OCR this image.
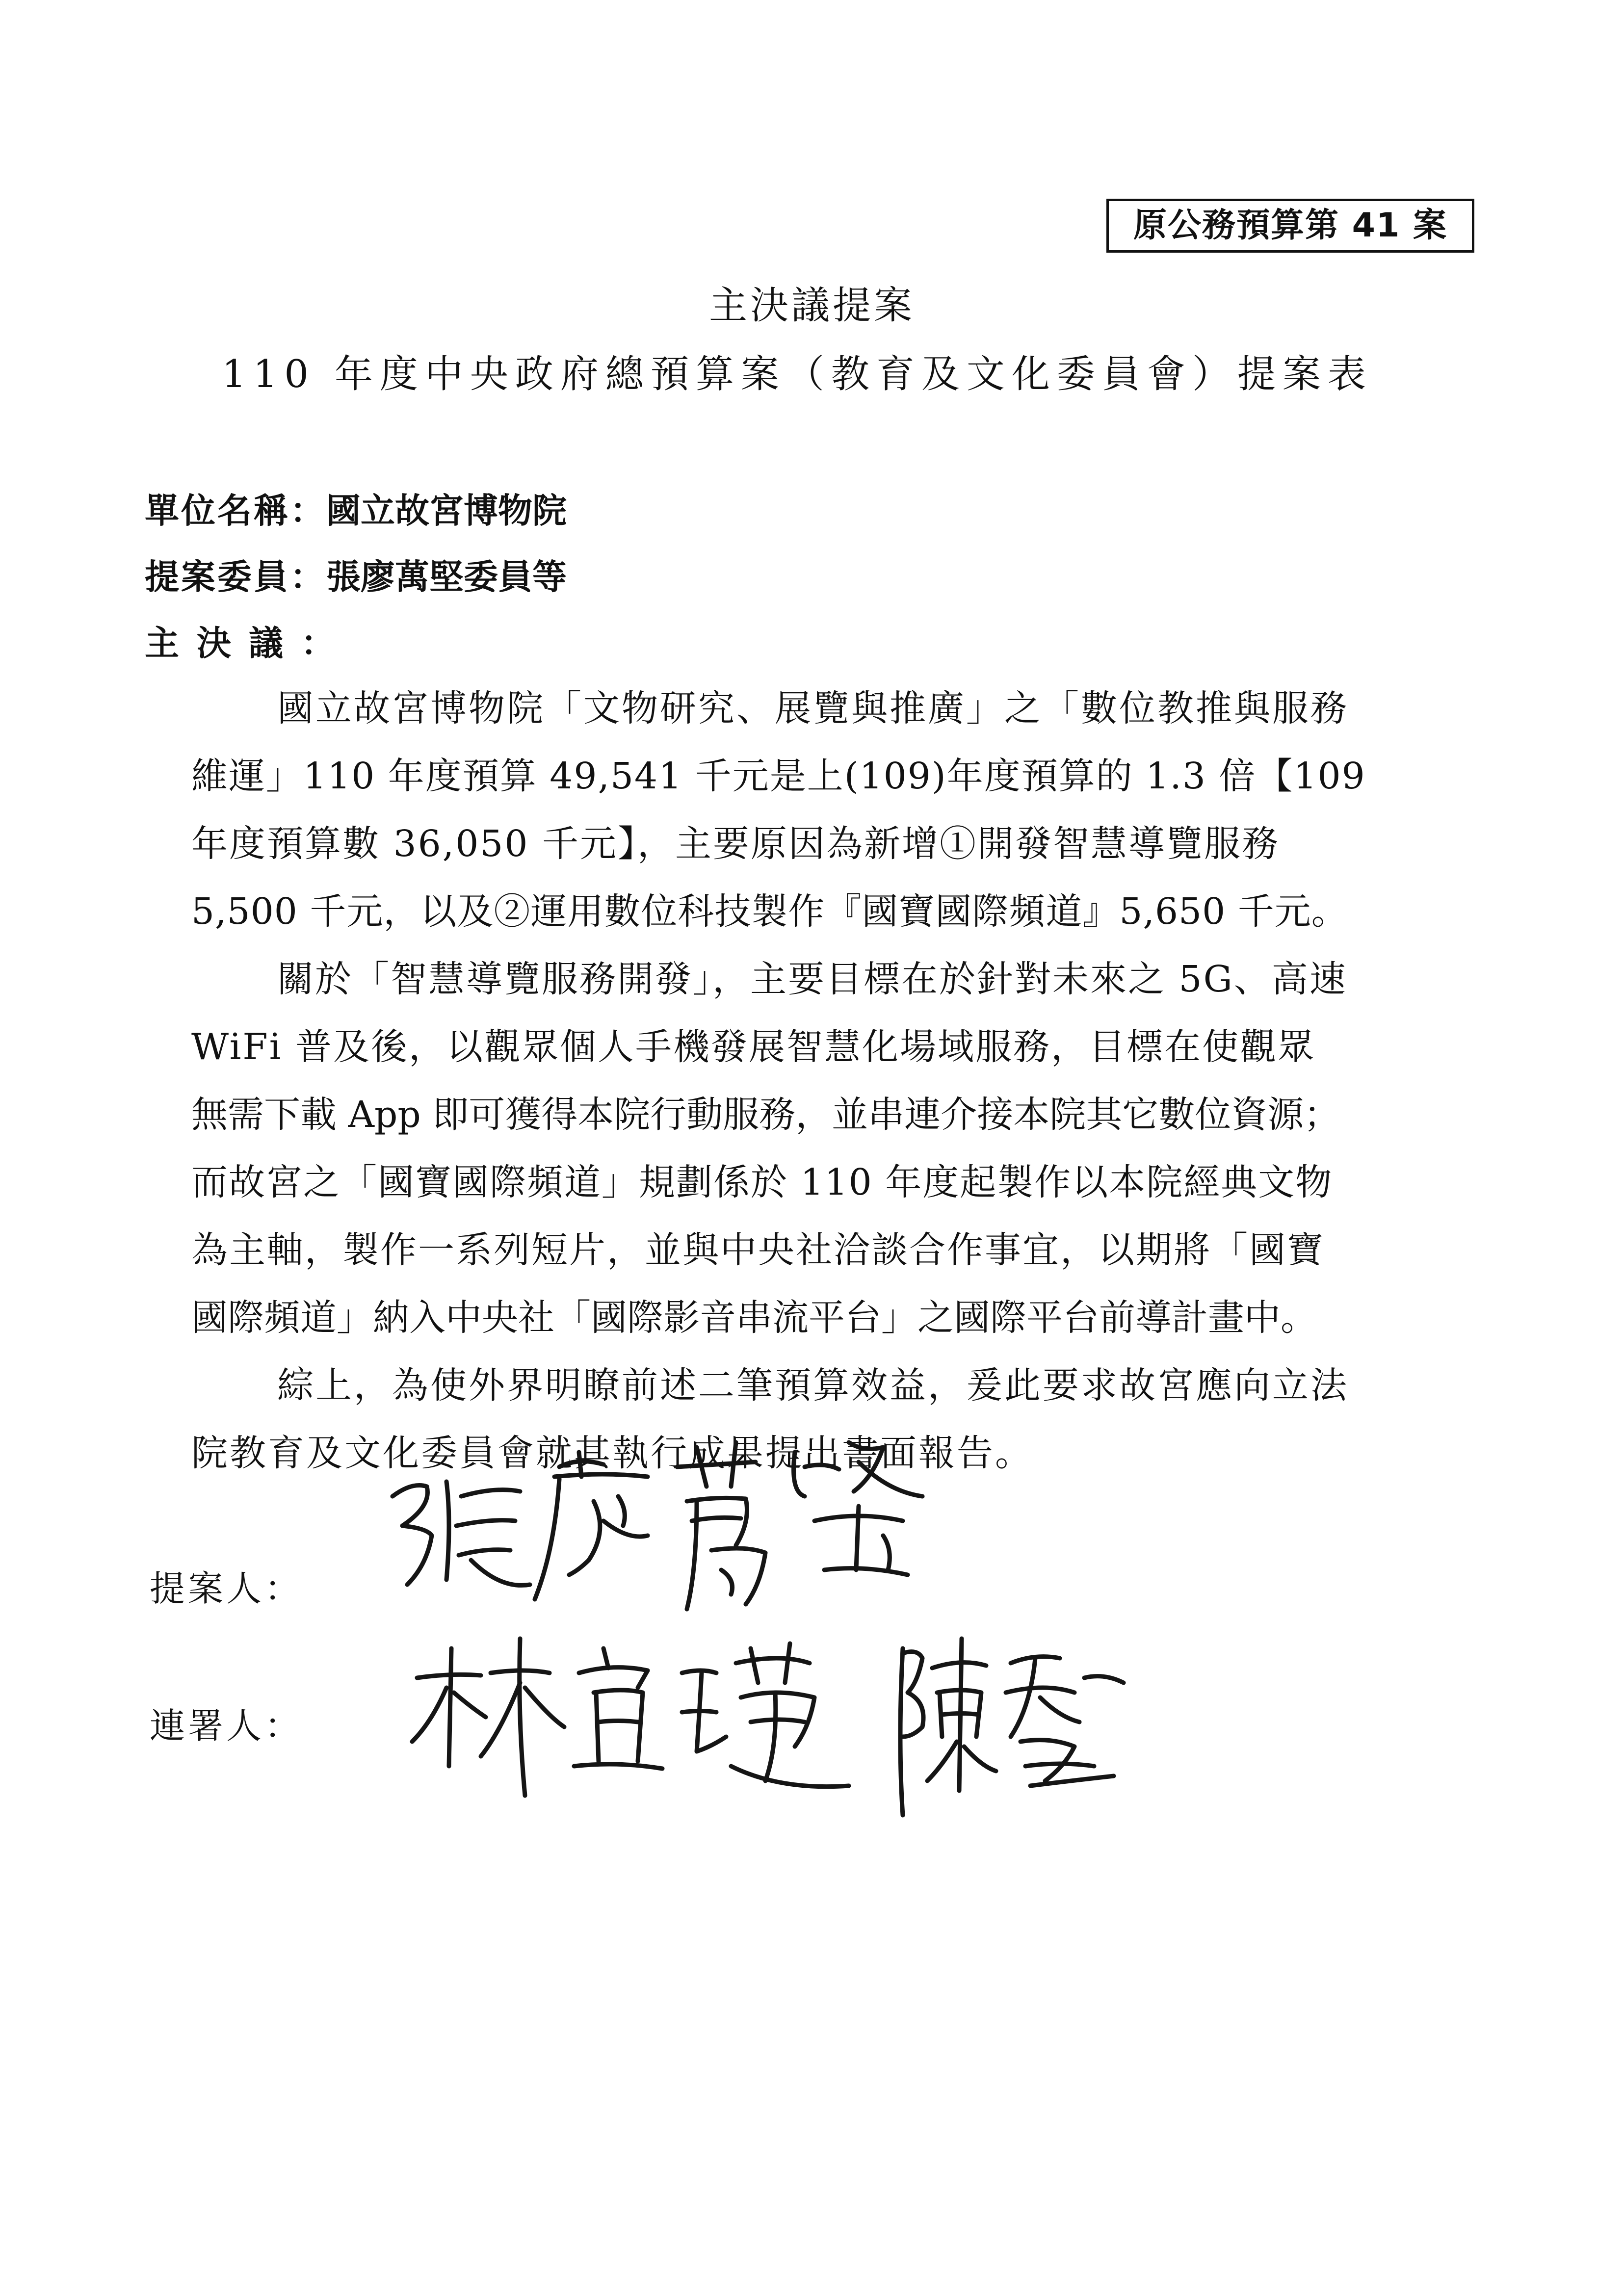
原公務預算第 41 案
主決議提案
110 年度中央政府總預算案（教育及文化委員會）提案表
單位名稱：國立故宮博物院
提案委員：張廖萬堅委員等
主決議：
國立故宮博物院「文物研究、展覽與推廣」之「數位教推與服務
維運」110 年度預算 49,541 千元是上(109)年度預算的 1.3 倍【109
年度預算數 36,050 千元】，主要原因為新增①開發智慧導覽服務
5,500 千元，以及②運用數位科技製作『國寶國際頻道』5,650 千元。
關於「智慧導覽服務開發」，主要目標在於針對未來之 5G、高速
WiFi 普及後，以觀眾個人手機發展智慧化場域服務，目標在使觀眾
無需下載 App 即可獲得本院行動服務，並串連介接本院其它數位資源；
而故宮之「國寶國際頻道」規劃係於 110 年度起製作以本院經典文物
為主軸，製作一系列短片，並與中央社洽談合作事宜，以期將「國寶
國際頻道」納入中央社「國際影音串流平台」之國際平台前導計畫中。
綜上，為使外界明瞭前述二筆預算效益，爰此要求故宮應向立法
院教育及文化委員會就其執行成果提出書面報告。
提案人：
連署人：
